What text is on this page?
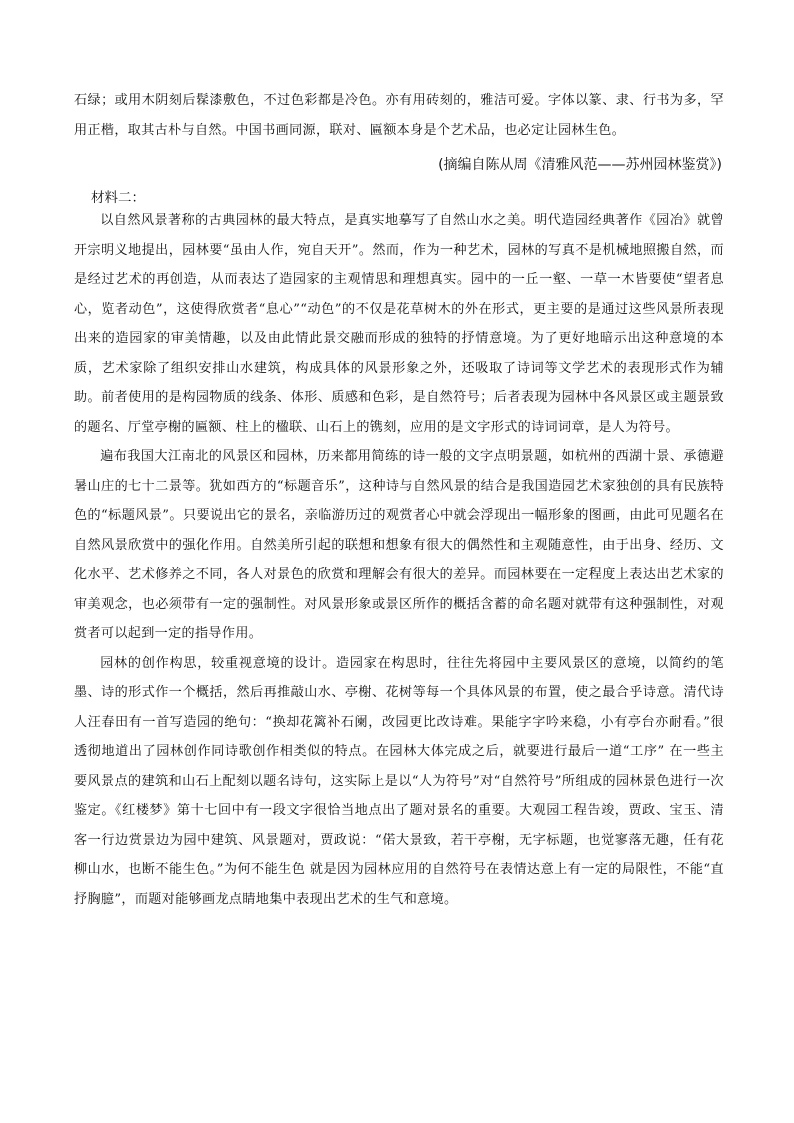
石绿；或用木阴刻后髹漆敷色，不过色彩都是冷色。亦有用砖刻的，雅洁可爱。字体以篆、隶、行书为多，罕用正楷，取其古朴与自然。中国书画同源，联对、匾额本身是个艺术品，也必定让园林生色。

(摘编自陈从周《清雅风范——苏州园林鉴赏》)
材料二：

以自然风景著称的古典园林的最大特点，是真实地摹写了自然山水之美。明代造园经典著作《园冶》就曾开宗明义地提出，园林要“虽由人作，宛自天开”。然而，作为一种艺术，园林的写真不是机械地照搬自然，而是经过艺术的再创造，从而表达了造园家的主观情思和理想真实。园中的一丘一壑、一草一木皆要使“望者息心，览者动色”，这使得欣赏者“息心”“动色”的不仅是花草树木的外在形式，更主要的是通过这些风景所表现出来的造园家的审美情趣，以及由此情此景交融而形成的独特的抒情意境。为了更好地暗示出这种意境的本质，艺术家除了组织安排山水建筑，构成具体的风景形象之外，还吸取了诗词等文学艺术的表现形式作为辅助。前者使用的是构园物质的线条、体形、质感和色彩，是自然符号；后者表现为园林中各风景区或主题景致的题名、厅堂亭榭的匾额、柱上的楹联、山石上的镌刻，应用的是文字形式的诗词词章，是人为符号。

遍布我国大江南北的风景区和园林，历来都用简练的诗一般的文字点明景题，如杭州的西湖十景、承德避暑山庄的七十二景等。犹如西方的“标题音乐”，这种诗与自然风景的结合是我国造园艺术家独创的具有民族特色的“标题风景”。只要说出它的景名，亲临游历过的观赏者心中就会浮现出一幅形象的图画，由此可见题名在自然风景欣赏中的强化作用。自然美所引起的联想和想象有很大的偶然性和主观随意性，由于出身、经历、文化水平、艺术修养之不同，各人对景色的欣赏和理解会有很大的差异。而园林要在一定程度上表达出艺术家的审美观念，也必须带有一定的强制性。对风景形象或景区所作的概括含蓄的命名题对就带有这种强制性，对观赏者可以起到一定的指导作用。

园林的创作构思，较重视意境的设计。造园家在构思时，往往先将园中主要风景区的意境，以简约的笔墨、诗的形式作一个概括，然后再推敲山水、亭榭、花树等每一个具体风景的布置，使之最合乎诗意。清代诗人汪春田有一首写造园的绝句：“换却花篱补石阑，改园更比改诗难。果能字字吟来稳，小有亭台亦耐看。”很透彻地道出了园林创作同诗歌创作相类似的特点。在园林大体完成之后，就要进行最后一道“工序” 在一些主要风景点的建筑和山石上配刻以题名诗句，这实际上是以“人为符号”对“自然符号”所组成的园林景色进行一次鉴定。《红楼梦》第十七回中有一段文字很恰当地点出了题对景名的重要。大观园工程告竣，贾政、宝玉、清客一行边赏景边为园中建筑、风景题对，贾政说：“偌大景致，若干亭榭，无字标题，也觉寥落无趣，任有花柳山水，也断不能生色。”为何不能生色 就是因为园林应用的自然符号在表情达意上有一定的局限性，不能“直抒胸臆”，而题对能够画龙点睛地集中表现出艺术的生气和意境。
